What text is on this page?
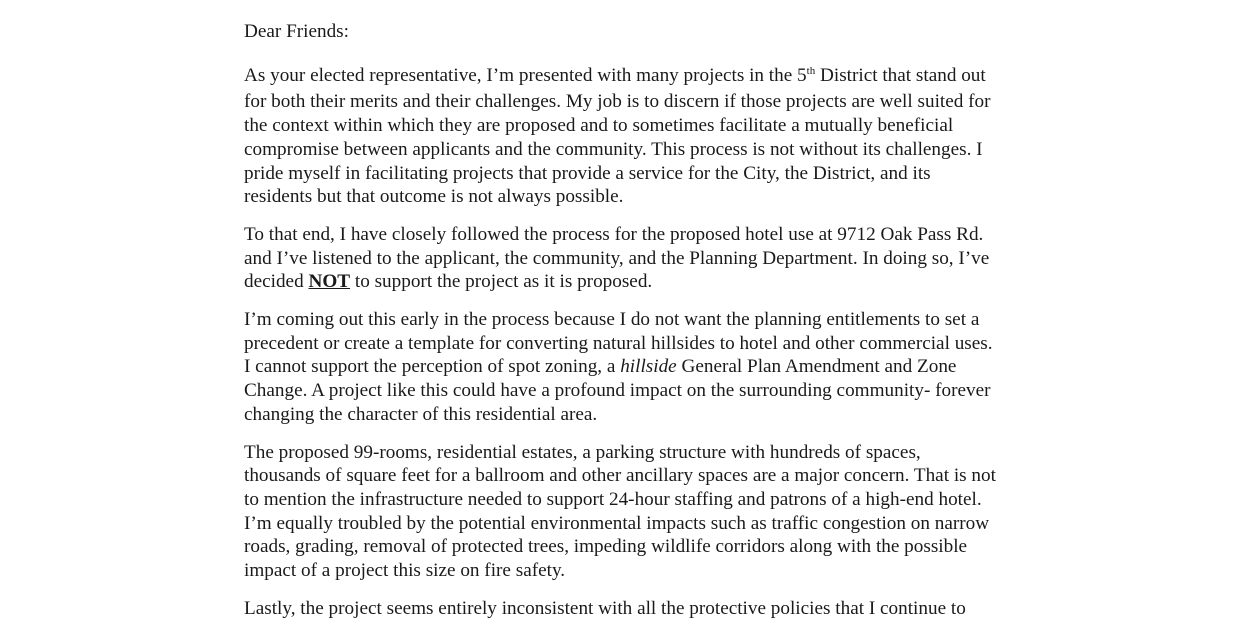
Dear Friends:
As your elected representative, I’m presented with many projects in the 5th District that stand out
for both their merits and their challenges. My job is to discern if those projects are well suited for
the context within which they are proposed and to sometimes facilitate a mutually beneficial
compromise between applicants and the community. This process is not without its challenges. I
pride myself in facilitating projects that provide a service for the City, the District, and its
residents but that outcome is not always possible.
To that end, I have closely followed the process for the proposed hotel use at 9712 Oak Pass Rd.
and I’ve listened to the applicant, the community, and the Planning Department. In doing so, I’ve
decided NOT to support the project as it is proposed.
I’m coming out this early in the process because I do not want the planning entitlements to set a
precedent or create a template for converting natural hillsides to hotel and other commercial uses.
I cannot support the perception of spot zoning, a hillside General Plan Amendment and Zone
Change. A project like this could have a profound impact on the surrounding community- forever
changing the character of this residential area.
The proposed 99-rooms, residential estates, a parking structure with hundreds of spaces,
thousands of square feet for a ballroom and other ancillary spaces are a major concern. That is not
to mention the infrastructure needed to support 24-hour staffing and patrons of a high-end hotel.
I’m equally troubled by the potential environmental impacts such as traffic congestion on narrow
roads, grading, removal of protected trees, impeding wildlife corridors along with the possible
impact of a project this size on fire safety.
Lastly, the project seems entirely inconsistent with all the protective policies that I continue to
